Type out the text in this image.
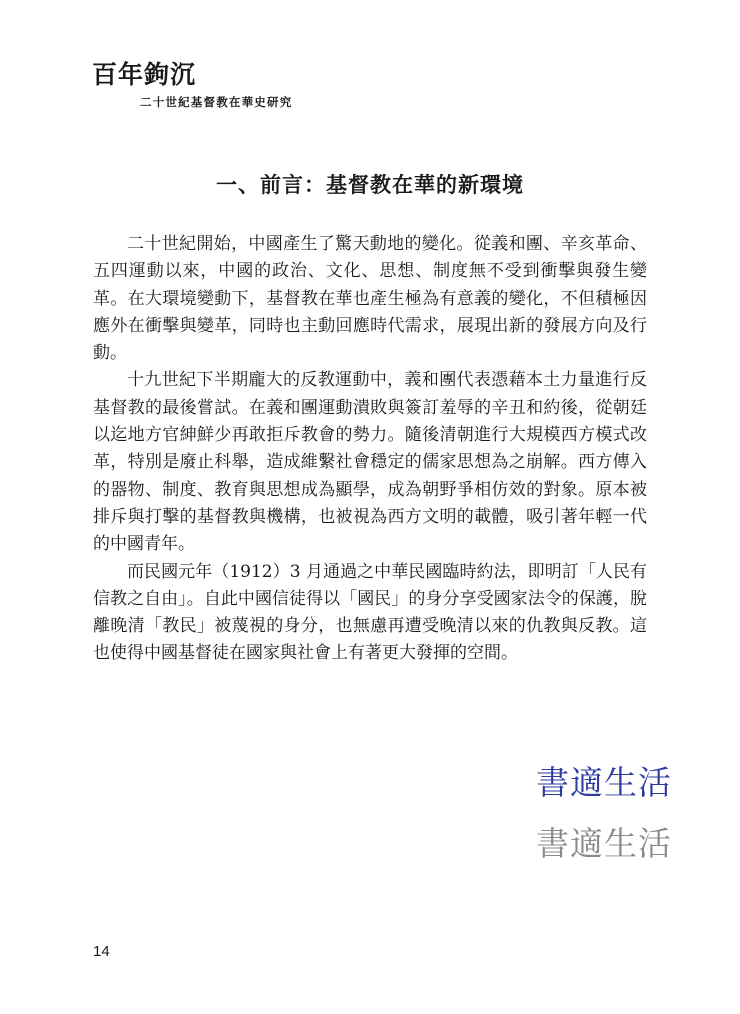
百年鉤沉
二十世紀基督教在華史研究
一、前言：基督教在華的新環境

二十世紀開始，中國產生了驚天動地的變化。從義和團、辛亥革命、五四運動以來，中國的政治、文化、思想、制度無不受到衝擊與發生變革。在大環境變動下，基督教在華也產生極為有意義的變化，不但積極因應外在衝擊與變革，同時也主動回應時代需求，展現出新的發展方向及行動。

十九世紀下半期龐大的反教運動中，義和團代表憑藉本土力量進行反基督教的最後嘗試。在義和團運動潰敗與簽訂羞辱的辛丑和約後，從朝廷以迄地方官紳鮮少再敢拒斥教會的勢力。隨後清朝進行大規模西方模式改革，特別是廢止科舉，造成維繫社會穩定的儒家思想為之崩解。西方傳入的器物、制度、教育與思想成為顯學，成為朝野爭相仿效的對象。原本被排斥與打擊的基督教與機構，也被視為西方文明的載體，吸引著年輕一代的中國青年。

而民國元年（1912）3 月通過之中華民國臨時約法，即明訂「人民有信教之自由」。自此中國信徒得以「國民」的身分享受國家法令的保護，脫離晚清「教民」被蔑視的身分，也無慮再遭受晚清以來的仇教與反教。這也使得中國基督徒在國家與社會上有著更大發揮的空間。

書適生活
書適生活
14
